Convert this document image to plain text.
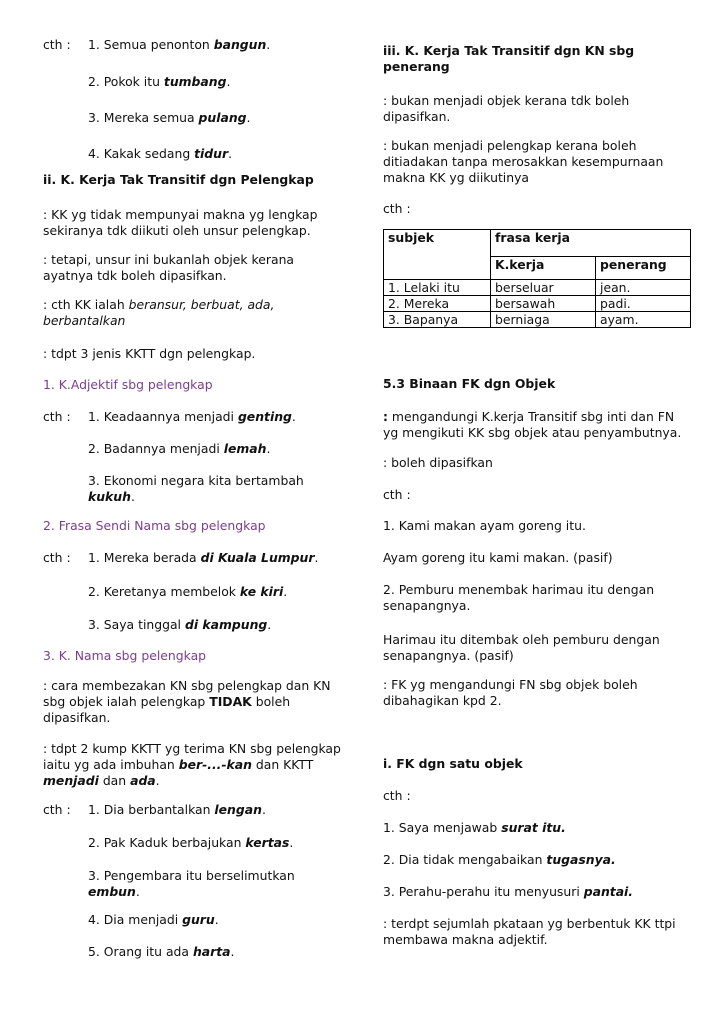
cth : 1. Semua penonton bangun.
2. Pokok itu tumbang.
3. Mereka semua pulang.
4. Kakak sedang tidur.

ii. K. Kerja Tak Transitif dgn Pelengkap

: KK yg tidak mempunyai makna yg lengkap sekiranya tdk diikuti oleh unsur pelengkap.

: tetapi, unsur ini bukanlah objek kerana ayatnya tdk boleh dipasifkan.

: cth KK ialah beransur, berbuat, ada, berbantalkan

: tdpt 3 jenis KKTT dgn pelengkap.

1. K.Adjektif sbg pelengkap

cth : 1. Keadaannya menjadi genting.
2. Badannya menjadi lemah.
3. Ekonomi negara kita bertambah kukuh.

2. Frasa Sendi Nama sbg pelengkap

cth : 1. Mereka berada di Kuala Lumpur.
2. Keretanya membelok ke kiri.
3. Saya tinggal di kampung.

3. K. Nama sbg pelengkap

: cara membezakan KN sbg pelengkap dan KN sbg objek ialah pelengkap TIDAK boleh dipasifkan.

: tdpt 2 kump KKTT yg terima KN sbg pelengkap iaitu yg ada imbuhan ber-...-kan dan KKTT menjadi dan ada.

cth : 1. Dia berbantalkan lengan.
2. Pak Kaduk berbajukan kertas.
3. Pengembara itu berselimutkan embun.
4. Dia menjadi guru.
5. Orang itu ada harta.

iii. K. Kerja Tak Transitif dgn KN sbg penerang

: bukan menjadi objek kerana tdk boleh dipasifkan.

: bukan menjadi pelengkap kerana boleh ditiadakan tanpa merosakkan kesempurnaan makna KK yg diikutinya

cth :

subjek	frasa kerja	
	K.kerja	penerang
1. Lelaki itu	berseluar	jean.
2. Mereka	bersawah	padi.
3. Bapanya	berniaga	ayam.

5.3 Binaan FK dgn Objek

: mengandungi K.kerja Transitif sbg inti dan FN yg mengikuti KK sbg objek atau penyambutnya.

: boleh dipasifkan

cth :

1. Kami makan ayam goreng itu.

Ayam goreng itu kami makan. (pasif)

2. Pemburu menembak harimau itu dengan senapangnya.

Harimau itu ditembak oleh pemburu dengan senapangnya. (pasif)

: FK yg mengandungi FN sbg objek boleh dibahagikan kpd 2.

i. FK dgn satu objek

cth :

1. Saya menjawab surat itu.

2. Dia tidak mengabaikan tugasnya.

3. Perahu-perahu itu menyusuri pantai.

: terdpt sejumlah pkataan yg berbentuk KK ttpi membawa makna adjektif.
